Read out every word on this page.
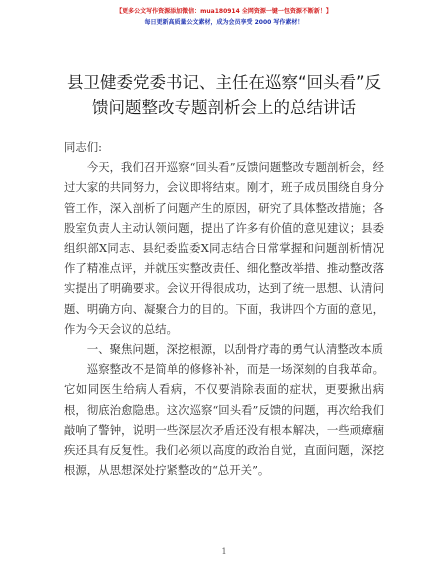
【更多公文写作资源添加微信：mua180914 全网资源一键一包资源不断新！】
每日更新高质量公文素材，成为会员享受 2000 写作素材！
县卫健委党委书记、主任在巡察“回头看”反
馈问题整改专题剖析会上的总结讲话

同志们:

今天，我们召开巡察“回头看”反馈问题整改专题剖析会，经过大家的共同努力，会议即将结束。刚才，班子成员围绕自身分管工作，深入剖析了问题产生的原因，研究了具体整改措施；各股室负责人主动认领问题，提出了许多有价值的意见建议；县委组织部X同志、县纪委监委X同志结合日常掌握和问题剖析情况作了精准点评，并就压实整改责任、细化整改举措、推动整改落实提出了明确要求。会议开得很成功，达到了统一思想、认清问题、明确方向、凝聚合力的目的。下面，我讲四个方面的意见，作为今天会议的总结。

一、聚焦问题，深挖根源，以刮骨疗毒的勇气认清整改本质

巡察整改不是简单的修修补补，而是一场深刻的自我革命。它如同医生给病人看病，不仅要消除表面的症状，更要揪出病根，彻底治愈隐患。这次巡察“回头看”反馈的问题，再次给我们敲响了警钟，说明一些深层次矛盾还没有根本解决，一些顽瘴痼疾还具有反复性。我们必须以高度的政治自觉，直面问题，深挖根源，从思想深处拧紧整改的“总开关”。

1
